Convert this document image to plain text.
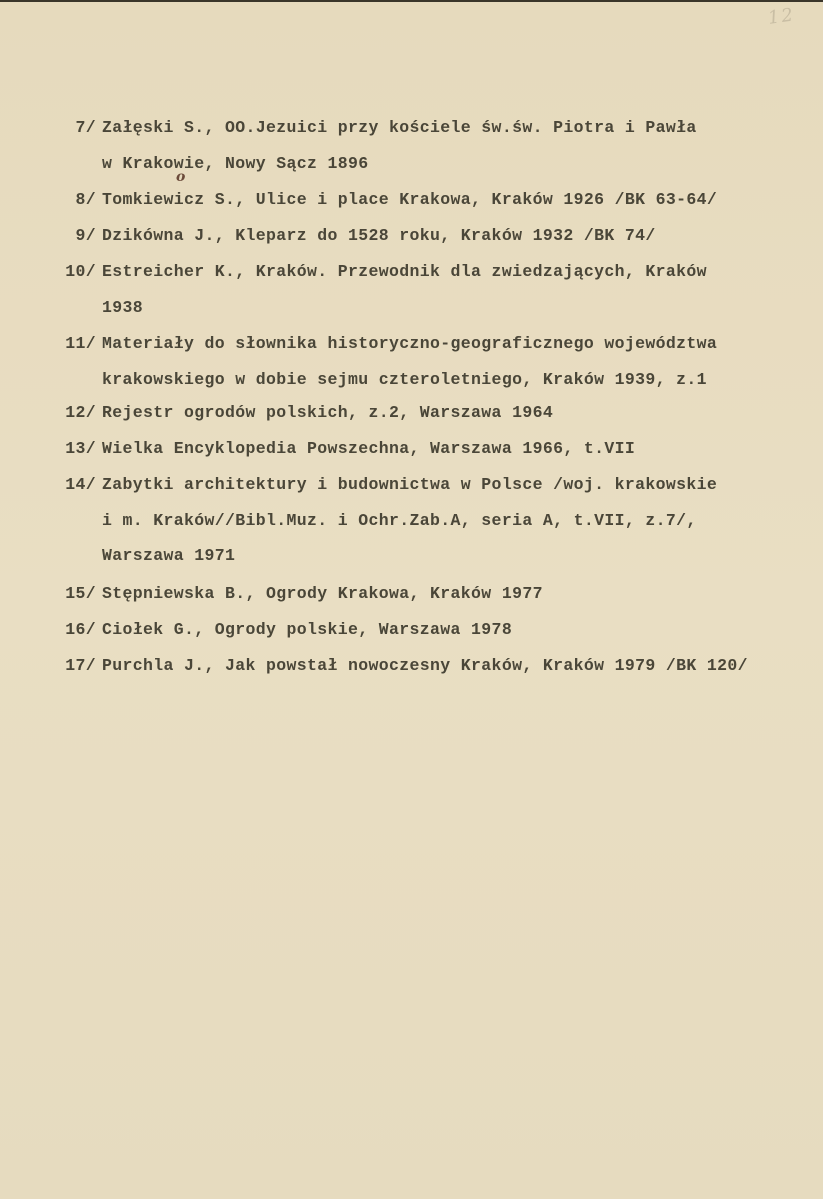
12
7/ Załęski S., OO.Jezuici przy kościele św.św. Piotra i Pawła
w Krakowie, Nowy Sącz 1896
o
8/ Tomkiewicz S., Ulice i place Krakowa, Kraków 1926 /BK 63-64/
9/ Dzikówna J., Kleparz do 1528 roku, Kraków 1932 /BK 74/
10/ Estreicher K., Kraków. Przewodnik dla zwiedzających, Kraków
1938
11/ Materiały do słownika historyczno-geograficznego województwa
krakowskiego w dobie sejmu czteroletniego, Kraków 1939, z.1
12/ Rejestr ogrodów polskich, z.2, Warszawa 1964
13/ Wielka Encyklopedia Powszechna, Warszawa 1966, t.VII
14/ Zabytki architektury i budownictwa w Polsce /woj. krakowskie
i m. Kraków//Bibl.Muz. i Ochr.Zab.A, seria A, t.VII, z.7/,
Warszawa 1971
15/ Stępniewska B., Ogrody Krakowa, Kraków 1977
16/ Ciołek G., Ogrody polskie, Warszawa 1978
17/ Purchla J., Jak powstał nowoczesny Kraków, Kraków 1979 /BK 120/
